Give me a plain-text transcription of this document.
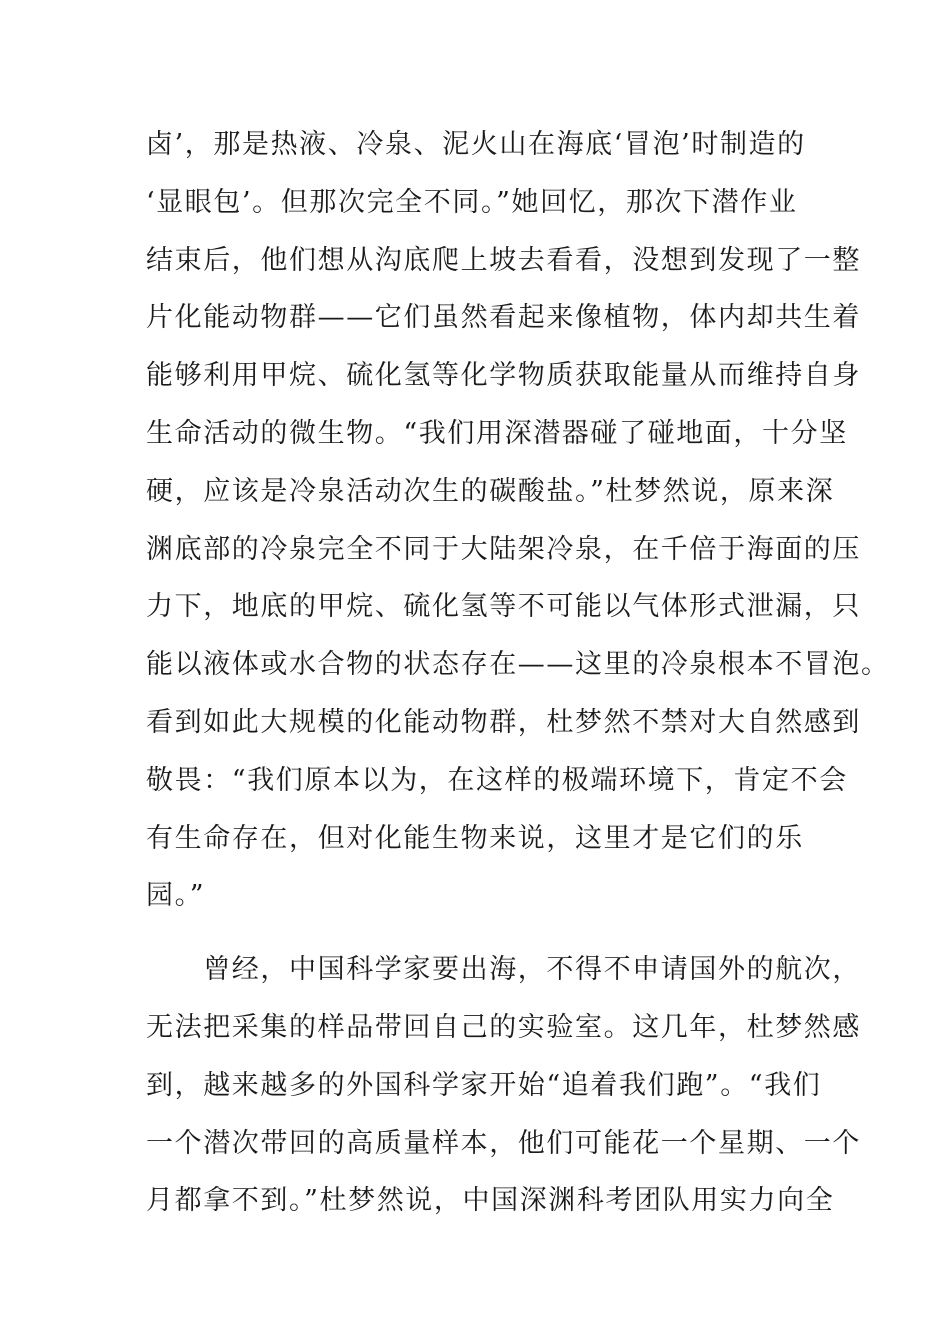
卤’，那是热液、冷泉、泥火山在海底‘冒泡’时制造的
‘显眼包’。但那次完全不同。”她回忆，那次下潜作业
结束后，他们想从沟底爬上坡去看看，没想到发现了一整
片化能动物群——它们虽然看起来像植物，体内却共生着
能够利用甲烷、硫化氢等化学物质获取能量从而维持自身
生命活动的微生物。“我们用深潜器碰了碰地面，十分坚
硬，应该是冷泉活动次生的碳酸盐。”杜梦然说，原来深
渊底部的冷泉完全不同于大陆架冷泉，在千倍于海面的压
力下，地底的甲烷、硫化氢等不可能以气体形式泄漏，只
能以液体或水合物的状态存在——这里的冷泉根本不冒泡。
看到如此大规模的化能动物群，杜梦然不禁对大自然感到
敬畏：“我们原本以为，在这样的极端环境下，肯定不会
有生命存在，但对化能生物来说，这里才是它们的乐
园。”
　　曾经，中国科学家要出海，不得不申请国外的航次，
无法把采集的样品带回自己的实验室。这几年，杜梦然感
到，越来越多的外国科学家开始“追着我们跑”。“我们
一个潜次带回的高质量样本，他们可能花一个星期、一个
月都拿不到。”杜梦然说，中国深渊科考团队用实力向全
